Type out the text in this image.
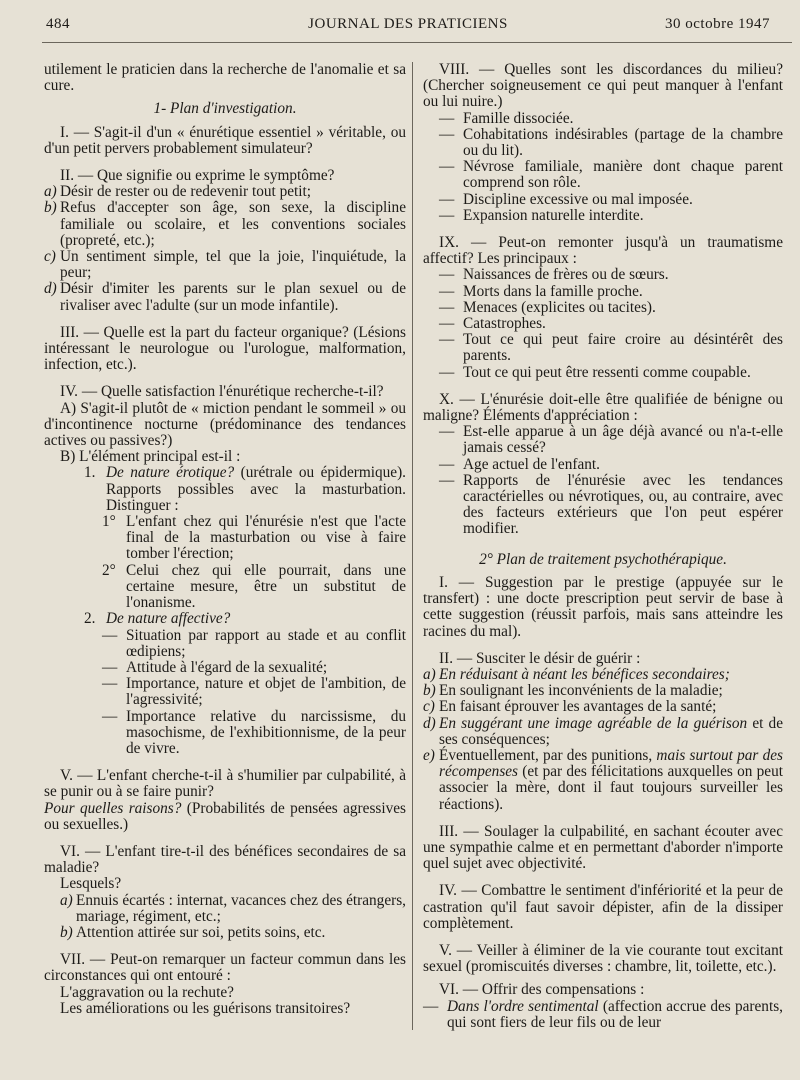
484	JOURNAL DES PRATICIENS	30 octobre 1947

utilement le praticien dans la recherche de l'anomalie et sa cure.

1- Plan d'investigation.

I. — S'agit-il d'un « énurétique essentiel » véritable, ou d'un petit pervers probablement simulateur?

II. — Que signifie ou exprime le symptôme?

a) Désir de rester ou de redevenir tout petit;
b) Refus d'accepter son âge, son sexe, la discipline familiale ou scolaire, et les conventions sociales (propreté, etc.);
c) Un sentiment simple, tel que la joie, l'inquiétude, la peur;
d) Désir d'imiter les parents sur le plan sexuel ou de rivaliser avec l'adulte (sur un mode infantile).

III. — Quelle est la part du facteur organique? (Lésions intéressant le neurologue ou l'urologue, malformation, infection, etc.).

IV. — Quelle satisfaction l'énurétique recherche-t-il?

A) S'agit-il plutôt de « miction pendant le sommeil » ou d'incontinence nocturne (prédominance des tendances actives ou passives?)

B) L'élément principal est-il :

1. De nature érotique? (urétrale ou épidermique). Rapports possibles avec la masturbation. Distinguer :
1° L'enfant chez qui l'énurésie n'est que l'acte final de la masturbation ou vise à faire tomber l'érection;
2° Celui chez qui elle pourrait, dans une certaine mesure, être un substitut de l'onanisme.
2. De nature affective?
— Situation par rapport au stade et au conflit œdipiens;
— Attitude à l'égard de la sexualité;
— Importance, nature et objet de l'ambition, de l'agressivité;
— Importance relative du narcissisme, du masochisme, de l'exhibitionnisme, de la peur de vivre.

V. — L'enfant cherche-t-il à s'humilier par culpabilité, à se punir ou à se faire punir?

Pour quelles raisons? (Probabilités de pensées agressives ou sexuelles.)

VI. — L'enfant tire-t-il des bénéfices secondaires de sa maladie?

Lesquels?

a) Ennuis écartés : internat, vacances chez des étrangers, mariage, régiment, etc.;
b) Attention attirée sur soi, petits soins, etc.

VII. — Peut-on remarquer un facteur commun dans les circonstances qui ont entouré :

L'aggravation ou la rechute?

Les améliorations ou les guérisons transitoires?

VIII. — Quelles sont les discordances du milieu? (Chercher soigneusement ce qui peut manquer à l'enfant ou lui nuire.)

— Famille dissociée.
— Cohabitations indésirables (partage de la chambre ou du lit).
— Névrose familiale, manière dont chaque parent comprend son rôle.
— Discipline excessive ou mal imposée.
— Expansion naturelle interdite.

IX. — Peut-on remonter jusqu'à un traumatisme affectif? Les principaux :

— Naissances de frères ou de sœurs.
— Morts dans la famille proche.
— Menaces (explicites ou tacites).
— Catastrophes.
— Tout ce qui peut faire croire au désintérêt des parents.
— Tout ce qui peut être ressenti comme coupable.

X. — L'énurésie doit-elle être qualifiée de bénigne ou maligne? Éléments d'appréciation :

— Est-elle apparue à un âge déjà avancé ou n'a-t-elle jamais cessé?
— Age actuel de l'enfant.
— Rapports de l'énurésie avec les tendances caractérielles ou névrotiques, ou, au contraire, avec des facteurs extérieurs que l'on peut espérer modifier.

2° Plan de traitement psychothérapique.

I. — Suggestion par le prestige (appuyée sur le transfert) : une docte prescription peut servir de base à cette suggestion (réussit parfois, mais sans atteindre les racines du mal).

II. — Susciter le désir de guérir :

a) En réduisant à néant les bénéfices secondaires;
b) En soulignant les inconvénients de la maladie;
c) En faisant éprouver les avantages de la santé;
d) En suggérant une image agréable de la guérison et de ses conséquences;
e) Éventuellement, par des punitions, mais surtout par des récompenses (et par des félicitations auxquelles on peut associer la mère, dont il faut toujours surveiller les réactions).

III. — Soulager la culpabilité, en sachant écouter avec une sympathie calme et en permettant d'aborder n'importe quel sujet avec objectivité.

IV. — Combattre le sentiment d'infériorité et la peur de castration qu'il faut savoir dépister, afin de la dissiper complètement.

V. — Veiller à éliminer de la vie courante tout excitant sexuel (promiscuités diverses : chambre, lit, toilette, etc.).

VI. — Offrir des compensations :

— Dans l'ordre sentimental (affection accrue des parents, qui sont fiers de leur fils ou de leur
